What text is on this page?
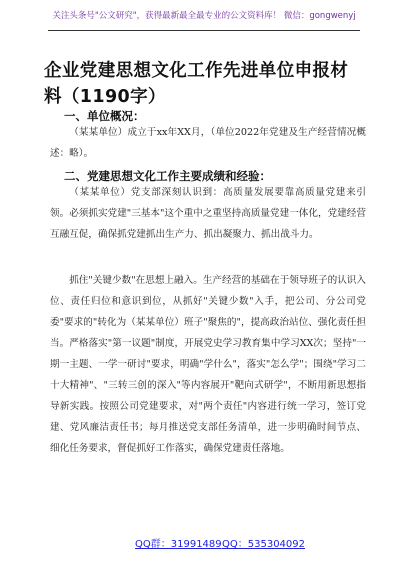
关注头条号"公文研究"，获得最新最全最专业的公文资料库！ 微信：gongwenyj
企业党建思想文化工作先进单位申报材料（1190字）
一、单位概况：

（某某单位）成立于xx年XX月，（单位2022年党建及生产经营情况概述：略）。

二、党建思想文化工作主要成绩和经验：

（某某单位）党支部深刻认识到：高质量发展要靠高质量党建来引领。必须抓实党建"三基本"这个重中之重坚持高质量党建一体化，党建经营互融互促，确保抓党建抓出生产力、抓出凝聚力、抓出战斗力。

抓住"关键少数"在思想上融入。生产经营的基础在于领导班子的认识入位、责任归位和意识到位，从抓好"关键少数"入手，把公司、分公司党委"要求的"转化为（某某单位）班子"聚焦的"，提高政治站位、强化责任担当。严格落实"第一议题"制度，开展党史学习教育集中学习XX次；坚持"一期一主题、一学一研讨"要求，明确"学什么"，落实"怎么学"；围绕"学习二十大精神"、"三转三创的深入"等内容展开"靶向式研学"，不断用新思想指导新实践。按照公司党建要求，对"两个责任"内容进行统一学习，签订党建、党风廉洁责任书；每月推送党支部任务清单，进一步明确时间节点、细化任务要求，督促抓好工作落实，确保党建责任落地。

QQ群：31991489 QQ：535304092
